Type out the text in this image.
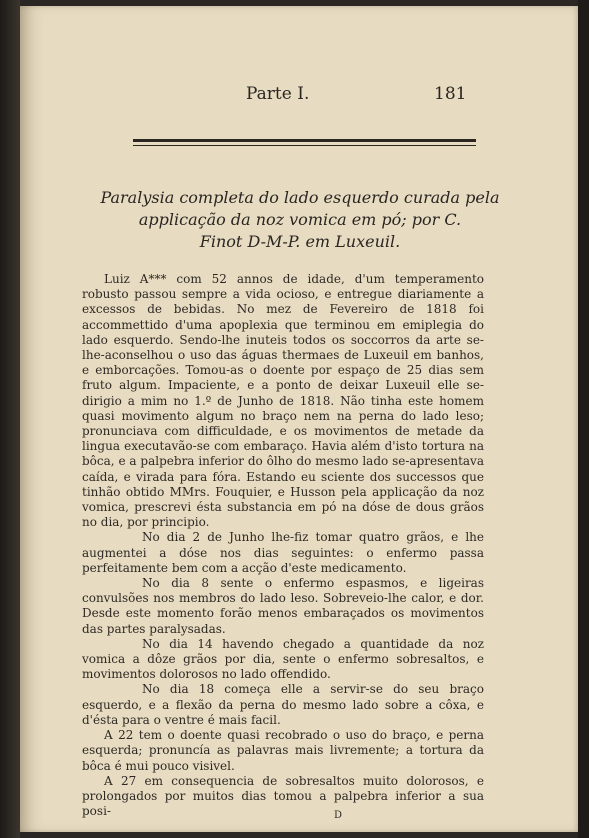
Parte I.	181
Paralysia completa do lado esquerdo curada pela
applicação da noz vomica em pó; por C.
Finot D-M-P. em Luxeuil.

Luiz A*** com 52 annos de idade, d'um temperamento robusto passou sempre a vida ocioso, e entregue diariamente a excessos de bebidas. No mez de Fevereiro de 1818 foi accommettido d'uma apoplexia que terminou em emiplegia do lado esquerdo. Sendo-lhe inuteis todos os soccorros da arte se-lhe-aconselhou o uso das águas thermaes de Luxeuil em banhos, e emborcações. Tomou-as o doente por espaço de 25 dias sem fruto algum. Impaciente, e a ponto de deixar Luxeuil elle se-dirigio a mim no 1.º de Junho de 1818. Não tinha este homem quasi movimento algum no braço nem na perna do lado leso; pronunciava com difficuldade, e os movimentos de metade da lingua executavão-se com embaraço. Havia além d'isto tortura na bôca, e a palpebra inferior do ôlho do mesmo lado se-apresentava caída, e virada para fóra. Estando eu sciente dos successos que tinhão obtido MMrs. Fouquier, e Husson pela applicação da noz vomica, prescrevi ésta substancia em pó na dóse de dous grãos no dia, por principio.

No dia 2 de Junho lhe-fiz tomar quatro grãos, e lhe augmentei a dóse nos dias seguintes: o enfermo passa perfeitamente bem com a acção d'este medicamento.

No dia 8 sente o enfermo espasmos, e ligeiras convulsões nos membros do lado leso. Sobreveio-lhe calor, e dor. Desde este momento forão menos embaraçados os movimentos das partes paralysadas.

No dia 14 havendo chegado a quantidade da noz vomica a dôze grãos por dia, sente o enfermo sobresaltos, e movimentos dolorosos no lado offendido.

No dia 18 começa elle a servir-se do seu braço esquerdo, e a flexão da perna do mesmo lado sobre a côxa, e d'ésta para o ventre é mais facil.

A 22 tem o doente quasi recobrado o uso do braço, e perna esquerda; pronuncía as palavras mais livremente; a tortura da bôca é mui pouco visivel.

A 27 em consequencia de sobresaltos muito dolorosos, e prolongados por muitos dias tomou a palpebra inferior a sua posi-	D
